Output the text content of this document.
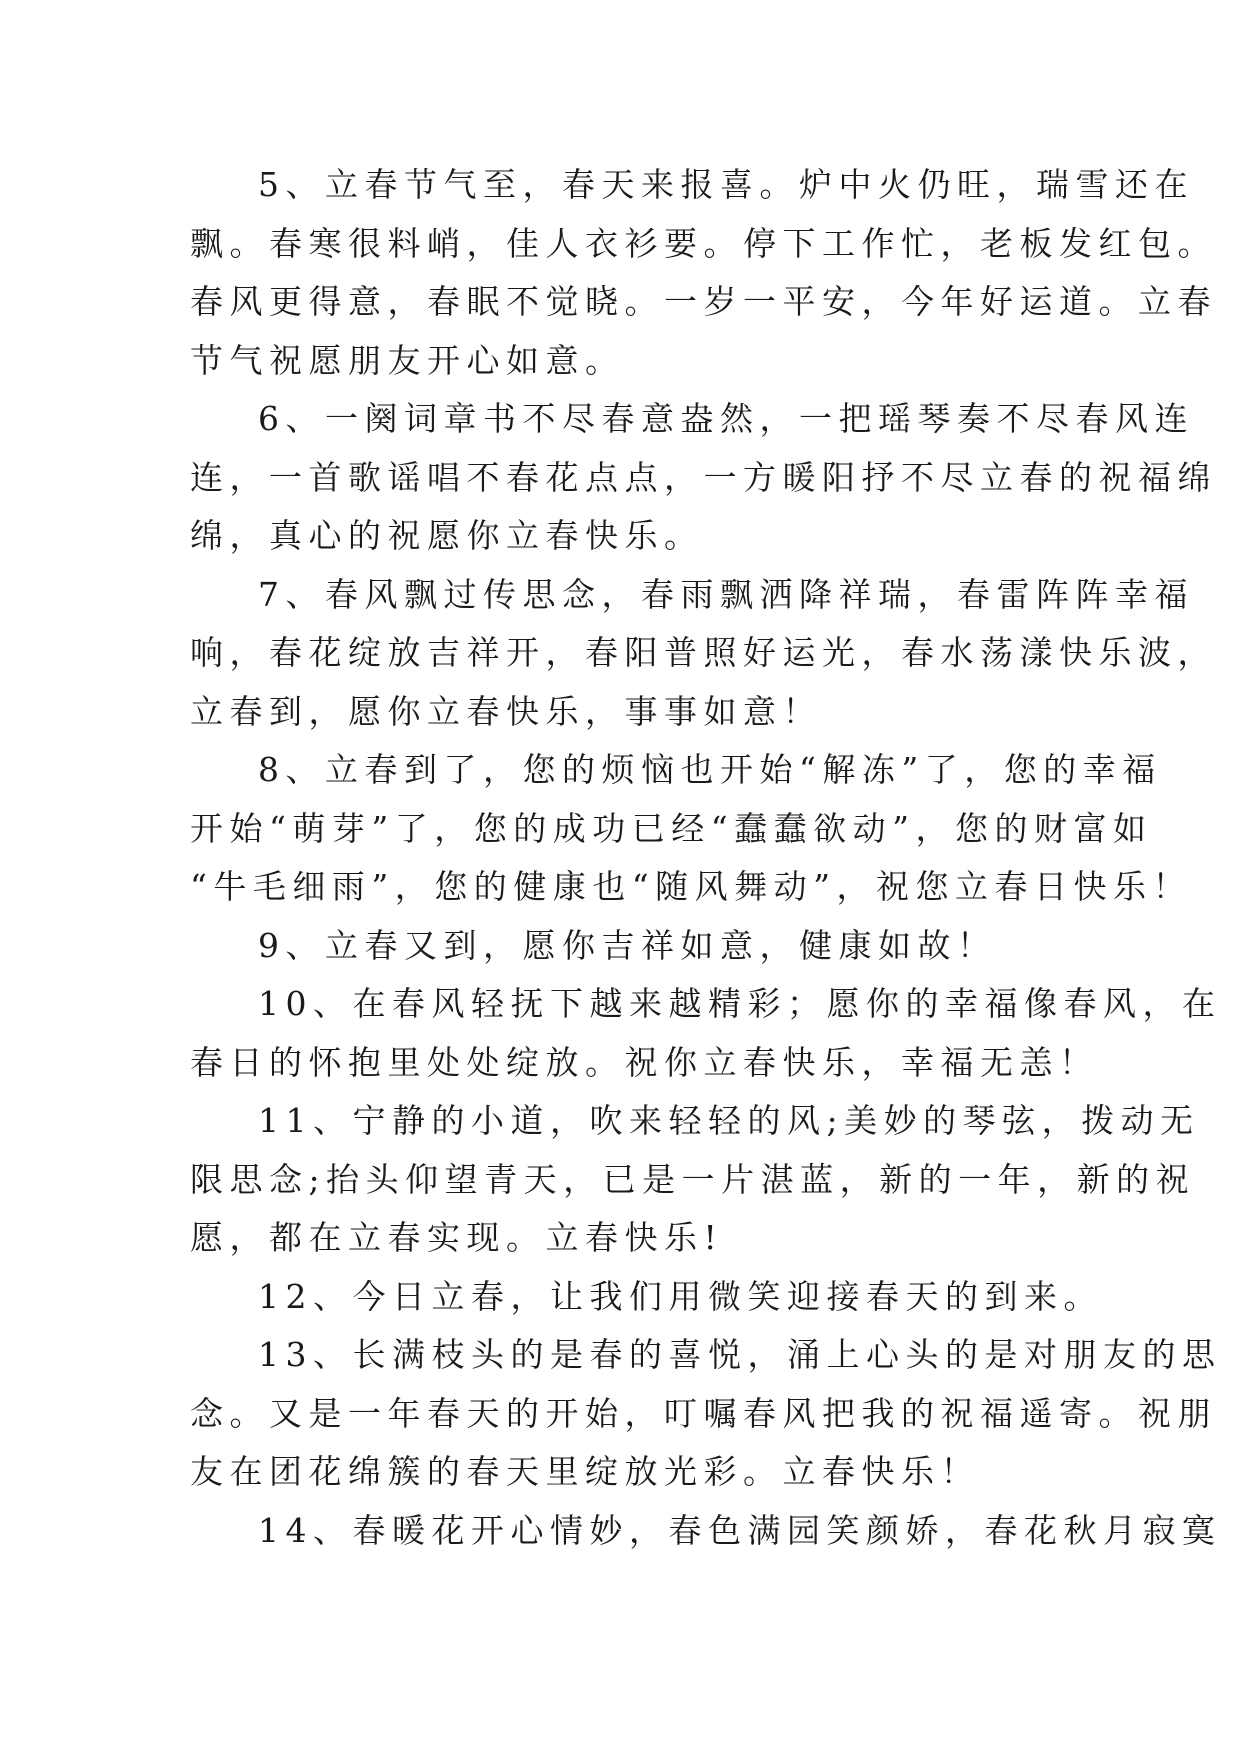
5、立春节气至，春天来报喜。炉中火仍旺，瑞雪还在
飘。春寒很料峭，佳人衣衫要。停下工作忙，老板发红包。
春风更得意，春眠不觉晓。一岁一平安，今年好运道。立春
节气祝愿朋友开心如意。
6、一阕词章书不尽春意盎然，一把瑶琴奏不尽春风连
连，一首歌谣唱不春花点点，一方暖阳抒不尽立春的祝福绵
绵，真心的祝愿你立春快乐。
7、春风飘过传思念，春雨飘洒降祥瑞，春雷阵阵幸福
响，春花绽放吉祥开，春阳普照好运光，春水荡漾快乐波，
立春到，愿你立春快乐，事事如意！
8、立春到了，您的烦恼也开始“解冻”了，您的幸福
开始“萌芽”了，您的成功已经“蠢蠢欲动”，您的财富如
“牛毛细雨”，您的健康也“随风舞动”，祝您立春日快乐！
9、立春又到，愿你吉祥如意，健康如故！
10、在春风轻抚下越来越精彩；愿你的幸福像春风，在
春日的怀抱里处处绽放。祝你立春快乐，幸福无恙！
11、宁静的小道，吹来轻轻的风;美妙的琴弦，拨动无
限思念;抬头仰望青天，已是一片湛蓝，新的一年，新的祝
愿，都在立春实现。立春快乐!
12、今日立春，让我们用微笑迎接春天的到来。
13、长满枝头的是春的喜悦，涌上心头的是对朋友的思
念。又是一年春天的开始，叮嘱春风把我的祝福遥寄。祝朋
友在团花绵簇的春天里绽放光彩。立春快乐！
14、春暖花开心情妙，春色满园笑颜娇，春花秋月寂寞
